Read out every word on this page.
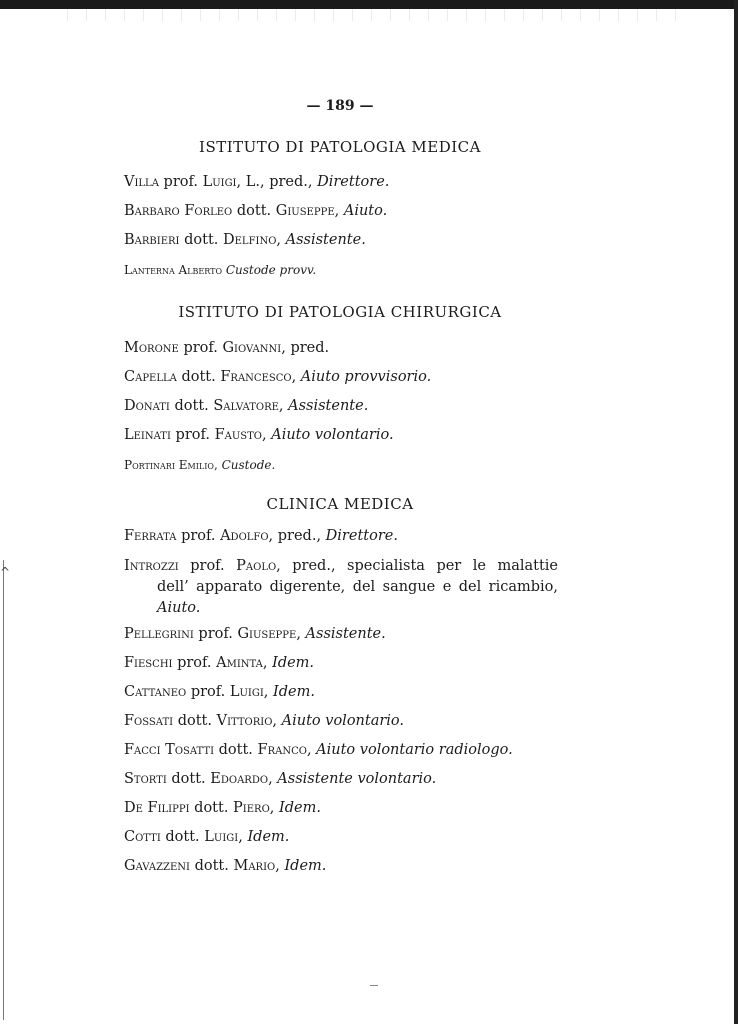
^
— 189 —
ISTITUTO DI PATOLOGIA MEDICA
Villa prof. Luigi, L., pred., Direttore.
Barbaro Forleo dott. Giuseppe, Aiuto.
Barbieri dott. Delfino, Assistente.
Lanterna Alberto Custode provv.
ISTITUTO DI PATOLOGIA CHIRURGICA
Morone prof. Giovanni, pred.
Capella dott. Francesco, Aiuto provvisorio.
Donati dott. Salvatore, Assistente.
Leinati prof. Fausto, Aiuto volontario.
Portinari Emilio, Custode.
CLINICA MEDICA
Ferrata prof. Adolfo, pred., Direttore.
Introzzi prof. Paolo, pred., specialista per le malattie
dell’ apparato digerente, del sangue e del ricambio,
Aiuto.
Pellegrini prof. Giuseppe, Assistente.
Fieschi prof. Aminta, Idem.
Cattaneo prof. Luigi, Idem.
Fossati dott. Vittorio, Aiuto volontario.
Facci Tosatti dott. Franco, Aiuto volontario radiologo.
Storti dott. Edoardo, Assistente volontario.
De Filippi dott. Piero, Idem.
Cotti dott. Luigi, Idem.
Gavazzeni dott. Mario, Idem.
